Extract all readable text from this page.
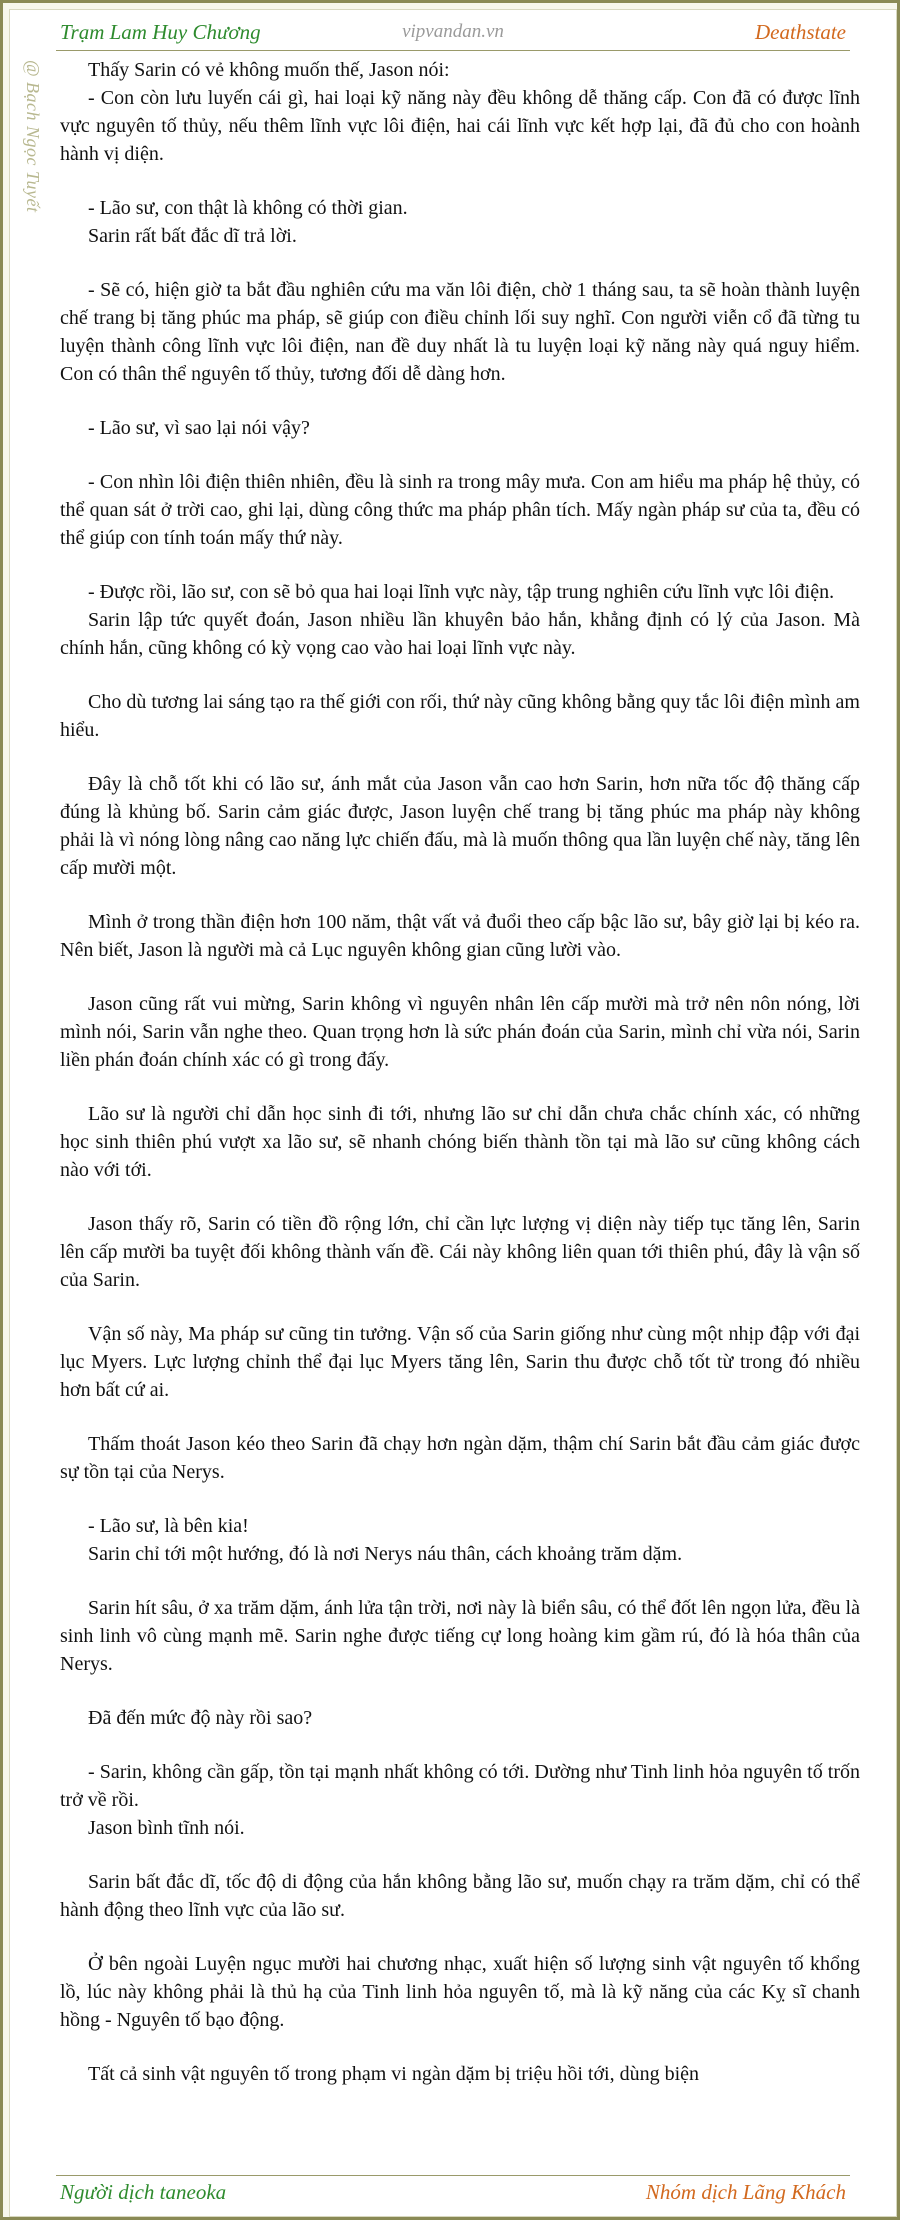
Trạm Lam Huy Chương	vipvandan.vn	Deathstate
@ Bạch Ngọc Tuyết	Thấy Sarin có vẻ không muốn thế, Jason nói:

- Con còn lưu luyến cái gì, hai loại kỹ năng này đều không dễ thăng cấp. Con đã có được lĩnh vực nguyên tố thủy, nếu thêm lĩnh vực lôi điện, hai cái lĩnh vực kết hợp lại, đã đủ cho con hoành hành vị diện.

- Lão sư, con thật là không có thời gian.

Sarin rất bất đắc dĩ trả lời.

- Sẽ có, hiện giờ ta bắt đầu nghiên cứu ma văn lôi điện, chờ 1 tháng sau, ta sẽ hoàn thành luyện chế trang bị tăng phúc ma pháp, sẽ giúp con điều chỉnh lối suy nghĩ. Con người viễn cổ đã từng tu luyện thành công lĩnh vực lôi điện, nan đề duy nhất là tu luyện loại kỹ năng này quá nguy hiểm. Con có thân thể nguyên tố thủy, tương đối dễ dàng hơn.

- Lão sư, vì sao lại nói vậy?

- Con nhìn lôi điện thiên nhiên, đều là sinh ra trong mây mưa. Con am hiểu ma pháp hệ thủy, có thể quan sát ở trời cao, ghi lại, dùng công thức ma pháp phân tích. Mấy ngàn pháp sư của ta, đều có thể giúp con tính toán mấy thứ này.

- Được rồi, lão sư, con sẽ bỏ qua hai loại lĩnh vực này, tập trung nghiên cứu lĩnh vực lôi điện.

Sarin lập tức quyết đoán, Jason nhiều lần khuyên bảo hắn, khẳng định có lý của Jason. Mà chính hắn, cũng không có kỳ vọng cao vào hai loại lĩnh vực này.

Cho dù tương lai sáng tạo ra thế giới con rối, thứ này cũng không bằng quy tắc lôi điện mình am hiểu.

Đây là chỗ tốt khi có lão sư, ánh mắt của Jason vẫn cao hơn Sarin, hơn nữa tốc độ thăng cấp đúng là khủng bố. Sarin cảm giác được, Jason luyện chế trang bị tăng phúc ma pháp này không phải là vì nóng lòng nâng cao năng lực chiến đấu, mà là muốn thông qua lần luyện chế này, tăng lên cấp mười một.

Mình ở trong thần điện hơn 100 năm, thật vất vả đuổi theo cấp bậc lão sư, bây giờ lại bị kéo ra. Nên biết, Jason là người mà cả Lục nguyên không gian cũng lười vào.

Jason cũng rất vui mừng, Sarin không vì nguyên nhân lên cấp mười mà trở nên nôn nóng, lời mình nói, Sarin vẫn nghe theo. Quan trọng hơn là sức phán đoán của Sarin, mình chỉ vừa nói, Sarin liền phán đoán chính xác có gì trong đấy.

Lão sư là người chỉ dẫn học sinh đi tới, nhưng lão sư chỉ dẫn chưa chắc chính xác, có những học sinh thiên phú vượt xa lão sư, sẽ nhanh chóng biến thành tồn tại mà lão sư cũng không cách nào với tới.

Jason thấy rõ, Sarin có tiền đồ rộng lớn, chỉ cần lực lượng vị diện này tiếp tục tăng lên, Sarin lên cấp mười ba tuyệt đối không thành vấn đề. Cái này không liên quan tới thiên phú, đây là vận số của Sarin.

Vận số này, Ma pháp sư cũng tin tưởng. Vận số của Sarin giống như cùng một nhịp đập với đại lục Myers. Lực lượng chỉnh thể đại lục Myers tăng lên, Sarin thu được chỗ tốt từ trong đó nhiều hơn bất cứ ai.

Thấm thoát Jason kéo theo Sarin đã chạy hơn ngàn dặm, thậm chí Sarin bắt đầu cảm giác được sự tồn tại của Nerys.

- Lão sư, là bên kia!

Sarin chỉ tới một hướng, đó là nơi Nerys náu thân, cách khoảng trăm dặm.

Sarin hít sâu, ở xa trăm dặm, ánh lửa tận trời, nơi này là biển sâu, có thể đốt lên ngọn lửa, đều là sinh linh vô cùng mạnh mẽ. Sarin nghe được tiếng cự long hoàng kim gầm rú, đó là hóa thân của Nerys.

Đã đến mức độ này rồi sao?

- Sarin, không cần gấp, tồn tại mạnh nhất không có tới. Dường như Tinh linh hỏa nguyên tố trốn trở về rồi.

Jason bình tĩnh nói.

Sarin bất đắc dĩ, tốc độ di động của hắn không bằng lão sư, muốn chạy ra trăm dặm, chỉ có thể hành động theo lĩnh vực của lão sư.

Ở bên ngoài Luyện ngục mười hai chương nhạc, xuất hiện số lượng sinh vật nguyên tố khổng lồ, lúc này không phải là thủ hạ của Tinh linh hỏa nguyên tố, mà là kỹ năng của các Kỵ sĩ chanh hồng - Nguyên tố bạo động.

Tất cả sinh vật nguyên tố trong phạm vi ngàn dặm bị triệu hồi tới, dùng biện

Người dịch taneoka	Nhóm dịch Lãng Khách
